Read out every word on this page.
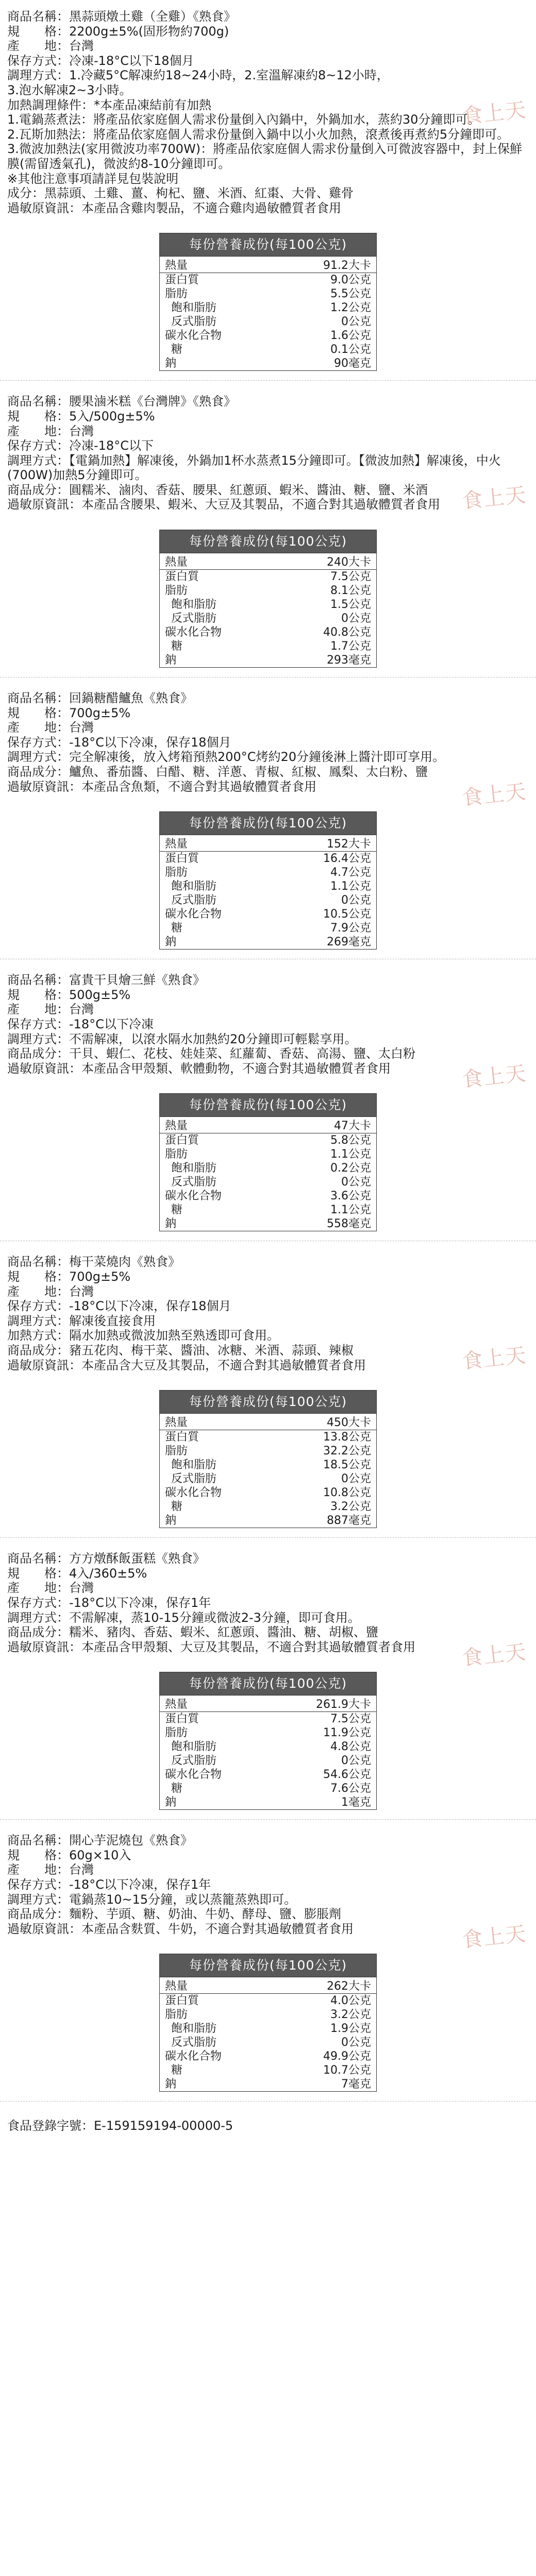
商品名稱： 黑蒜頭燉土雞（全雞）《熟食》
規　　格： 2200g±5%(固形物約700g)
產　　地： 台灣
保存方式： 冷凍-18°C以下18個月
調理方式： 1.冷藏5°C解凍約18~24小時，2.室溫解凍約8~12小時，
3.泡水解凍2~3小時。
加熱調理條件：*本產品凍結前有加熱
1.電鍋蒸煮法：將產品依家庭個人需求份量倒入內鍋中，外鍋加水，蒸約30分鐘即可。
2.瓦斯加熱法：將產品依家庭個人需求份量倒入鍋中以小火加熱，滾煮後再煮約5分鐘即可。
3.微波加熱法(家用微波功率700W)：將產品依家庭個人需求份量倒入可微波容器中，封上保鮮膜(需留透氣孔)，微波約8-10分鐘即可。
※其他注意事項請詳見包裝說明
成分：黑蒜頭、土雞、薑、枸杞、鹽、米酒、紅棗、大骨、雞骨
過敏原資訊：本產品含雞肉製品，不適合雞肉過敏體質者食用
每份營養成份(每100公克)
熱量	91.2大卡
蛋白質	9.0公克
脂肪	5.5公克
飽和脂肪	1.2公克
反式脂肪	0公克
碳水化合物	1.6公克
糖	0.1公克
鈉	90毫克
食上天
商品名稱： 腰果滷米糕《台灣牌》《熟食》
規　　格： 5入/500g±5%
產　　地： 台灣
保存方式： 冷凍-18°C以下
調理方式：【電鍋加熱】解凍後，外鍋加1杯水蒸煮15分鐘即可。【微波加熱】解凍後，中火(700W)加熱5分鐘即可。
商品成分：圓糯米、滷肉、香菇、腰果、紅蔥頭、蝦米、醬油、糖、鹽、米酒
過敏原資訊：本產品含腰果、蝦米、大豆及其製品，不適合對其過敏體質者食用
每份營養成份(每100公克)
熱量	240大卡
蛋白質	7.5公克
脂肪	8.1公克
飽和脂肪	1.5公克
反式脂肪	0公克
碳水化合物	40.8公克
糖	1.7公克
鈉	293毫克
食上天
商品名稱： 回鍋糖醋鱸魚《熟食》
規　　格： 700g±5%
產　　地： 台灣
保存方式： -18°C以下冷凍，保存18個月
調理方式：完全解凍後，放入烤箱預熱200°C烤約20分鐘後淋上醬汁即可享用。
商品成分：鱸魚、番茄醬、白醋、糖、洋蔥、青椒、紅椒、鳳梨、太白粉、鹽
過敏原資訊：本產品含魚類，不適合對其過敏體質者食用
每份營養成份(每100公克)
熱量	152大卡
蛋白質	16.4公克
脂肪	4.7公克
飽和脂肪	1.1公克
反式脂肪	0公克
碳水化合物	10.5公克
糖	7.9公克
鈉	269毫克
食上天
商品名稱： 富貴干貝燴三鮮《熟食》
規　　格： 500g±5%
產　　地： 台灣
保存方式： -18°C以下冷凍
調理方式：不需解凍，以滾水隔水加熱約20分鐘即可輕鬆享用。
商品成分：干貝、蝦仁、花枝、娃娃菜、紅蘿蔔、香菇、高湯、鹽、太白粉
過敏原資訊：本產品含甲殼類、軟體動物，不適合對其過敏體質者食用
每份營養成份(每100公克)
熱量	47大卡
蛋白質	5.8公克
脂肪	1.1公克
飽和脂肪	0.2公克
反式脂肪	0公克
碳水化合物	3.6公克
糖	1.1公克
鈉	558毫克
食上天
商品名稱： 梅干菜燒肉《熟食》
規　　格： 700g±5%
產　　地： 台灣
保存方式： -18°C以下冷凍，保存18個月
調理方式：解凍後直接食用
加熱方式：隔水加熱或微波加熱至熟透即可食用。
商品成分：豬五花肉、梅干菜、醬油、冰糖、米酒、蒜頭、辣椒
過敏原資訊：本產品含大豆及其製品，不適合對其過敏體質者食用
每份營養成份(每100公克)
熱量	450大卡
蛋白質	13.8公克
脂肪	32.2公克
飽和脂肪	18.5公克
反式脂肪	0公克
碳水化合物	10.8公克
糖	3.2公克
鈉	887毫克
食上天
商品名稱： 方方燉酥飯蛋糕《熟食》
規　　格： 4入/360±5%
產　　地： 台灣
保存方式： -18°C以下冷凍，保存1年
調理方式：不需解凍，蒸10-15分鐘或微波2-3分鐘，即可食用。
商品成分：糯米、豬肉、香菇、蝦米、紅蔥頭、醬油、糖、胡椒、鹽
過敏原資訊：本產品含甲殼類、大豆及其製品，不適合對其過敏體質者食用
每份營養成份(每100公克)
熱量	261.9大卡
蛋白質	7.5公克
脂肪	11.9公克
飽和脂肪	4.8公克
反式脂肪	0公克
碳水化合物	54.6公克
糖	7.6公克
鈉	1毫克
食上天
商品名稱： 開心芋泥燒包《熟食》
規　　格： 60g×10入
產　　地： 台灣
保存方式： -18°C以下冷凍，保存1年
調理方式：電鍋蒸10~15分鐘，或以蒸籠蒸熟即可。
商品成分：麵粉、芋頭、糖、奶油、牛奶、酵母、鹽、膨脹劑
過敏原資訊：本產品含麩質、牛奶，不適合對其過敏體質者食用
每份營養成份(每100公克)
熱量	262大卡
蛋白質	4.0公克
脂肪	3.2公克
飽和脂肪	1.9公克
反式脂肪	0公克
碳水化合物	49.9公克
糖	10.7公克
鈉	7毫克
食上天
食品登錄字號：E-159159194-00000-5
